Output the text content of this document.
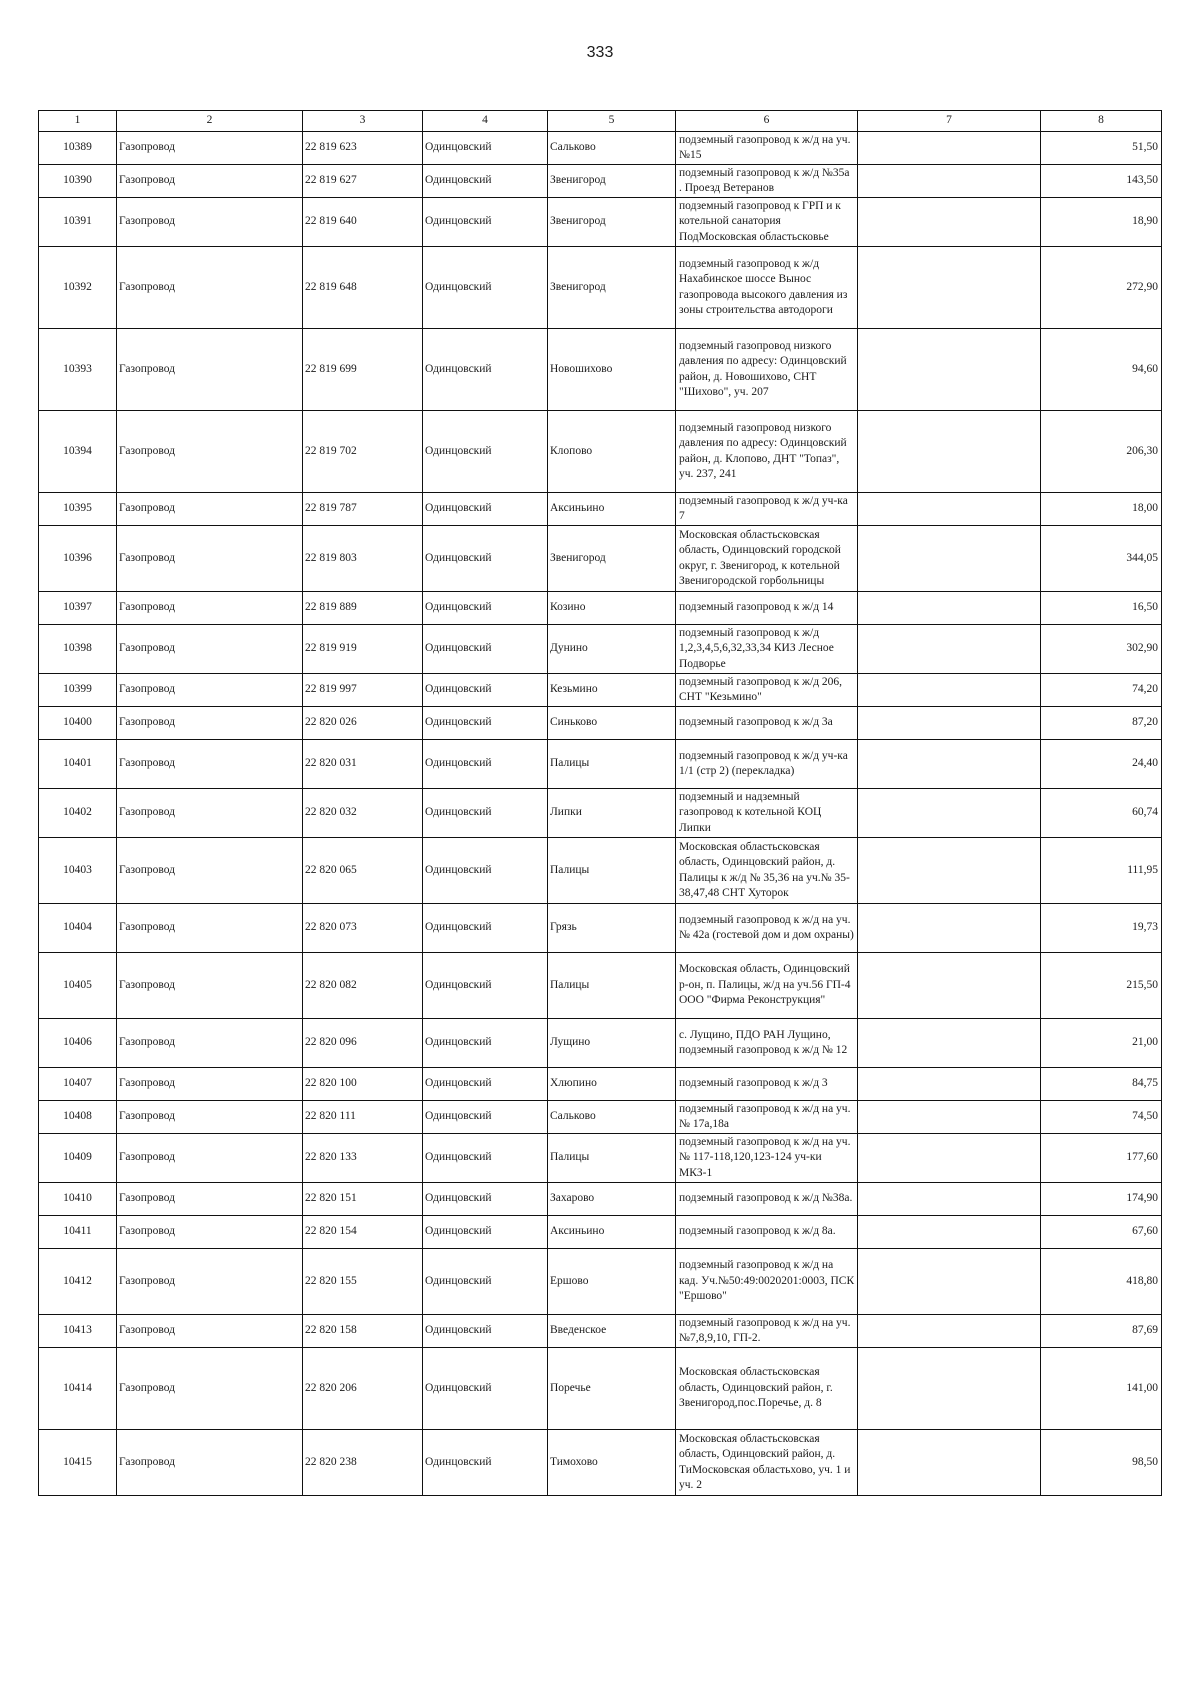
333
1	2	3	4	5	6	7	8
10389	Газопровод	22 819 623	Одинцовский	Сальково	подземный газопровод к ж/д на уч.№15		51,50
10390	Газопровод	22 819 627	Одинцовский	Звенигород	подземный газопровод к ж/д №35а . Проезд Ветеранов		143,50
10391	Газопровод	22 819 640	Одинцовский	Звенигород	подземный газопровод к ГРП и к котельной санатория ПодМосковская областьсковье		18,90
10392	Газопровод	22 819 648	Одинцовский	Звенигород	подземный газопровод к ж/д Нахабинское шоссе Вынос газопровода высокого давления из зоны строительства автодороги		272,90
10393	Газопровод	22 819 699	Одинцовский	Новошихово	подземный газопровод низкого давления по адресу: Одинцовский район, д. Новошихово, СНТ "Шихово", уч. 207		94,60
10394	Газопровод	22 819 702	Одинцовский	Клопово	подземный газопровод низкого давления по адресу: Одинцовский район, д. Клопово, ДНТ "Топаз", уч. 237, 241		206,30
10395	Газопровод	22 819 787	Одинцовский	Аксиньино	подземный газопровод к ж/д уч-ка 7		18,00
10396	Газопровод	22 819 803	Одинцовский	Звенигород	Московская областьсковская область, Одинцовский городской округ, г. Звенигород, к котельной Звенигородской горбольницы		344,05
10397	Газопровод	22 819 889	Одинцовский	Козино	подземный газопровод к ж/д 14		16,50
10398	Газопровод	22 819 919	Одинцовский	Дунино	подземный газопровод к ж/д 1,2,3,4,5,6,32,33,34 КИЗ Лесное Подворье		302,90
10399	Газопровод	22 819 997	Одинцовский	Кезьмино	подземный газопровод к ж/д 206, СНТ "Кезьмино"		74,20
10400	Газопровод	22 820 026	Одинцовский	Синьково	подземный газопровод к ж/д 3а		87,20
10401	Газопровод	22 820 031	Одинцовский	Палицы	подземный газопровод к ж/д уч-ка 1/1 (стр 2) (перекладка)		24,40
10402	Газопровод	22 820 032	Одинцовский	Липки	подземный и надземный газопровод к котельной КОЦ Липки		60,74
10403	Газопровод	22 820 065	Одинцовский	Палицы	Московская областьсковская область, Одинцовский район, д. Палицы к ж/д № 35,36 на уч.№ 35-38,47,48 СНТ Хуторок		111,95
10404	Газопровод	22 820 073	Одинцовский	Грязь	подземный газопровод к ж/д на уч.№ 42а (гостевой дом и дом охраны)		19,73
10405	Газопровод	22 820 082	Одинцовский	Палицы	Московская область, Одинцовский р-он, п. Палицы, ж/д на уч.56 ГП-4 ООО "Фирма Реконструкция"		215,50
10406	Газопровод	22 820 096	Одинцовский	Лущино	с. Лущино, ПДО РАН Лущино, подземный газопровод к ж/д № 12		21,00
10407	Газопровод	22 820 100	Одинцовский	Хлюпино	подземный газопровод к ж/д 3		84,75
10408	Газопровод	22 820 111	Одинцовский	Сальково	подземный газопровод к ж/д на уч.№ 17а,18а		74,50
10409	Газопровод	22 820 133	Одинцовский	Палицы	подземный газопровод к ж/д на уч.№ 117-118,120,123-124 уч-ки МКЗ-1		177,60
10410	Газопровод	22 820 151	Одинцовский	Захарово	подземный газопровод к ж/д №38а.		174,90
10411	Газопровод	22 820 154	Одинцовский	Аксиньино	подземный газопровод к ж/д 8а.		67,60
10412	Газопровод	22 820 155	Одинцовский	Ершово	подземный газопровод к ж/д на кад. Уч.№50:49:0020201:0003, ПСК "Ершово"		418,80
10413	Газопровод	22 820 158	Одинцовский	Введенское	подземный газопровод к ж/д на уч.№7,8,9,10, ГП-2.		87,69
10414	Газопровод	22 820 206	Одинцовский	Поречье	Московская областьсковская область, Одинцовский район, г. Звенигород,пос.Поречье, д. 8		141,00
10415	Газопровод	22 820 238	Одинцовский	Тимохово	Московская областьсковская область, Одинцовский район, д. ТиМосковская областьхово, уч. 1 и уч. 2		98,50
